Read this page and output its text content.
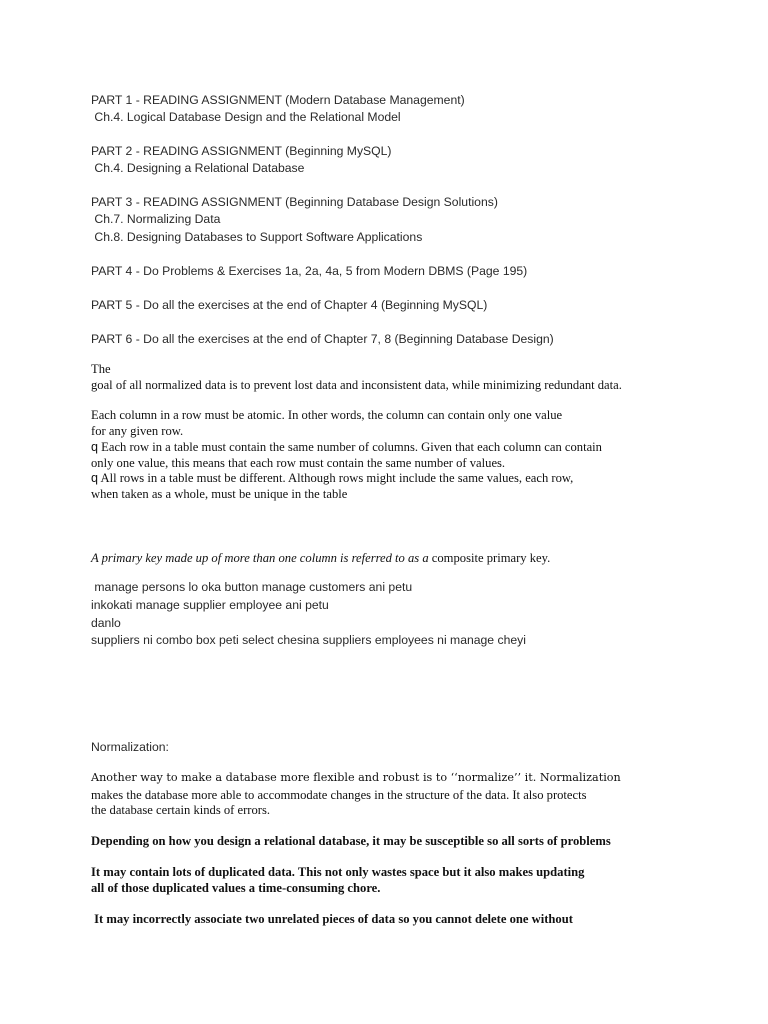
PART 1 - READING ASSIGNMENT (Modern Database Management)
Ch.4. Logical Database Design and the Relational Model
PART 2 - READING ASSIGNMENT (Beginning MySQL)
Ch.4. Designing a Relational Database
PART 3 - READING ASSIGNMENT (Beginning Database Design Solutions)
Ch.7. Normalizing Data
Ch.8. Designing Databases to Support Software Applications
PART 4 - Do Problems & Exercises 1a, 2a, 4a, 5 from Modern DBMS (Page 195)
PART 5 - Do all the exercises at the end of Chapter 4 (Beginning MySQL)
PART 6 - Do all the exercises at the end of Chapter 7, 8 (Beginning Database Design)
The
goal of all normalized data is to prevent lost data and inconsistent data, while minimizing redundant data.
Each column in a row must be atomic. In other words, the column can contain only one value
for any given row.
q Each row in a table must contain the same number of columns. Given that each column can contain
only one value, this means that each row must contain the same number of values.
q All rows in a table must be different. Although rows might include the same values, each row,
when taken as a whole, must be unique in the table
A primary key made up of more than one column is referred to as a composite primary key.
manage persons lo oka button manage customers ani petu
inkokati manage supplier employee ani petu
danlo
suppliers ni combo box peti select chesina suppliers employees ni manage cheyi
Normalization:
Another way to make a database more flexible and robust is to ‘‘normalize’’ it. Normalization
makes the database more able to accommodate changes in the structure of the data. It also protects
the database certain kinds of errors.
Depending on how you design a relational database, it may be susceptible so all sorts of problems
It may contain lots of duplicated data. This not only wastes space but it also makes updating
all of those duplicated values a time-consuming chore.
It may incorrectly associate two unrelated pieces of data so you cannot delete one without
